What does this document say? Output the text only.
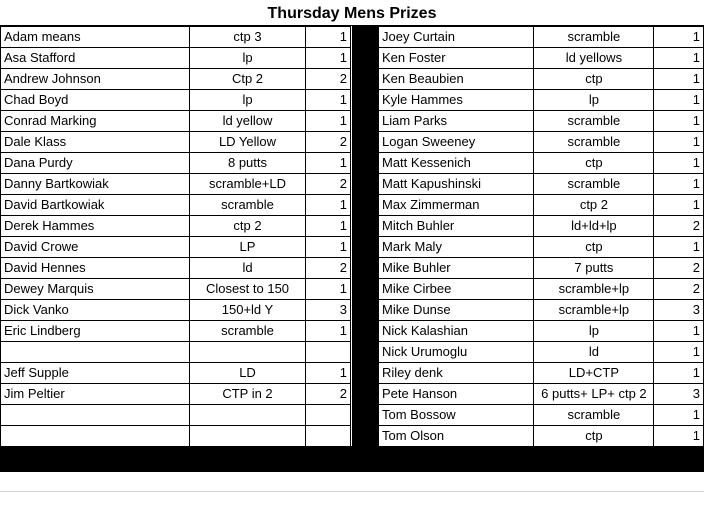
Thursday Mens Prizes
Adam means	ctp 3	1
Asa Stafford	lp	1
Andrew Johnson	Ctp 2	2
Chad Boyd	lp	1
Conrad Marking	ld yellow	1
Dale Klass	LD Yellow	2
Dana Purdy	8 putts	1
Danny Bartkowiak	scramble+LD	2
David Bartkowiak	scramble	1
Derek Hammes	ctp 2	1
David Crowe	LP	1
David Hennes	ld	2
Dewey Marquis	Closest to 150	1
Dick Vanko	150+ld Y	3
Eric Lindberg	scramble	1

Jeff Supple	LD	1
Jim Peltier	CTP in 2	2

Joey Curtain	scramble	1
Ken Foster	ld yellows	1
Ken Beaubien	ctp	1
Kyle Hammes	lp	1
Liam Parks	scramble	1
Logan Sweeney	scramble	1
Matt Kessenich	ctp	1
Matt Kapushinski	scramble	1
Max Zimmerman	ctp 2	1
Mitch Buhler	ld+ld+lp	2
Mark Maly	ctp	1
Mike Buhler	7 putts	2
Mike Cirbee	scramble+lp	2
Mike Dunse	scramble+lp	3
Nick Kalashian	lp	1
Nick Urumoglu	ld	1
Riley denk	LD+CTP	1
Pete Hanson	6 putts+ LP+ ctp 2	3
Tom Bossow	scramble	1
Tom Olson	ctp	1
